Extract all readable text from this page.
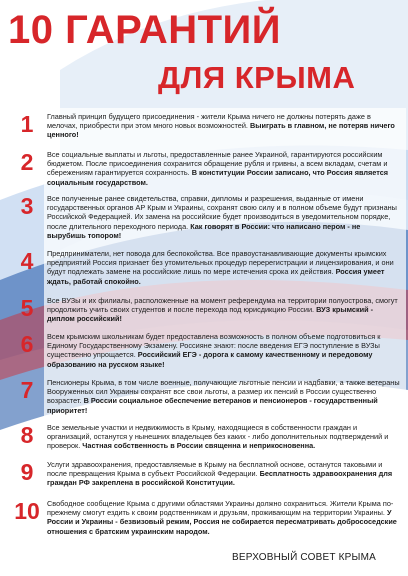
10 ГАРАНТИЙ
ДЛЯ КРЫМА
1	Главный принцип будущего присоединения - жители Крыма ничего не должны потерять даже в мелочах, приобрести при этом много новых возможностей. Выиграть в главном, не потеряв ничего ценного!
2	Все социальные выплаты и льготы, предоставленные ранее Украиной, гарантируются российским бюджетом. После присоединения сохранится обращение рубля и гривны, а всем вкладам, счетам и сбережениям гарантируется сохранность. В конституции России записано, что Россия является социальным государством.
3	Все полученные ранее свидетельства, справки, дипломы и разрешения, выданные от имени государственных органов АР Крым и Украины, сохранят свою силу и в полном объеме будут признаны Российской Федерацией. Их замена на российские будет производиться в уведомительном порядке, после длительного переходного периода. Как говорят в России: что написано пером - не вырубишь топором!
4	Предприниматели, нет повода для беспокойства. Все правоустанавливающие документы крымских предприятий Россия признает без утомительных процедур перерегистрации и лицензирования, и они будут подлежать замене на российские лишь по мере истечения срока их действия. Россия умеет ждать, работай спокойно.
5	Все ВУЗы и их филиалы, расположенные на момент референдума на территории полуострова, смогут продолжить учить своих студентов и после перехода под юрисдикцию России. ВУЗ крымский - диплом российский!
6	Всем крымским школьникам будет предоставлена возможность в полном объеме подготовиться к Единому Государственному Экзамену. Россияне знают: после введения ЕГЭ поступление в ВУЗы существенно упрощается. Российский ЕГЭ - дорога к самому качественному и передовому образованию на русском языке!
7	Пенсионеры Крыма, в том числе военные, получающие льготные пенсии и надбавки, а также ветераны Вооруженных сил Украины сохранят все свои льготы, а размер их пенсий в России существенно возрастет. В России социальное обеспечение ветеранов и пенсионеров - государственный приоритет!
8	Все земельные участки и недвижимость в Крыму, находящиеся в собственности граждан и организаций, останутся у нынешних владельцев без каких - либо дополнительных подтверждений и проверок. Частная собственность в России священна и неприкосновенна.
9	Услуги здравоохранения, предоставляемые в Крыму на бесплатной основе, останутся таковыми и после превращения Крыма в субъект Российской Федерации. Бесплатность здравоохранения для граждан РФ закреплена в российской Конституции.
10 Свободное сообщение Крыма с другими областями Украины должно сохраниться. Жители Крыма по-прежнему смогут ездить к своим родственникам и друзьям, проживающим на территории Украины. У России и Украины - безвизовый режим, Россия не собирается пересматривать добрососедские отношения с братским украинским народом.
ВЕРХОВНЫЙ СОВЕТ КРЫМА
